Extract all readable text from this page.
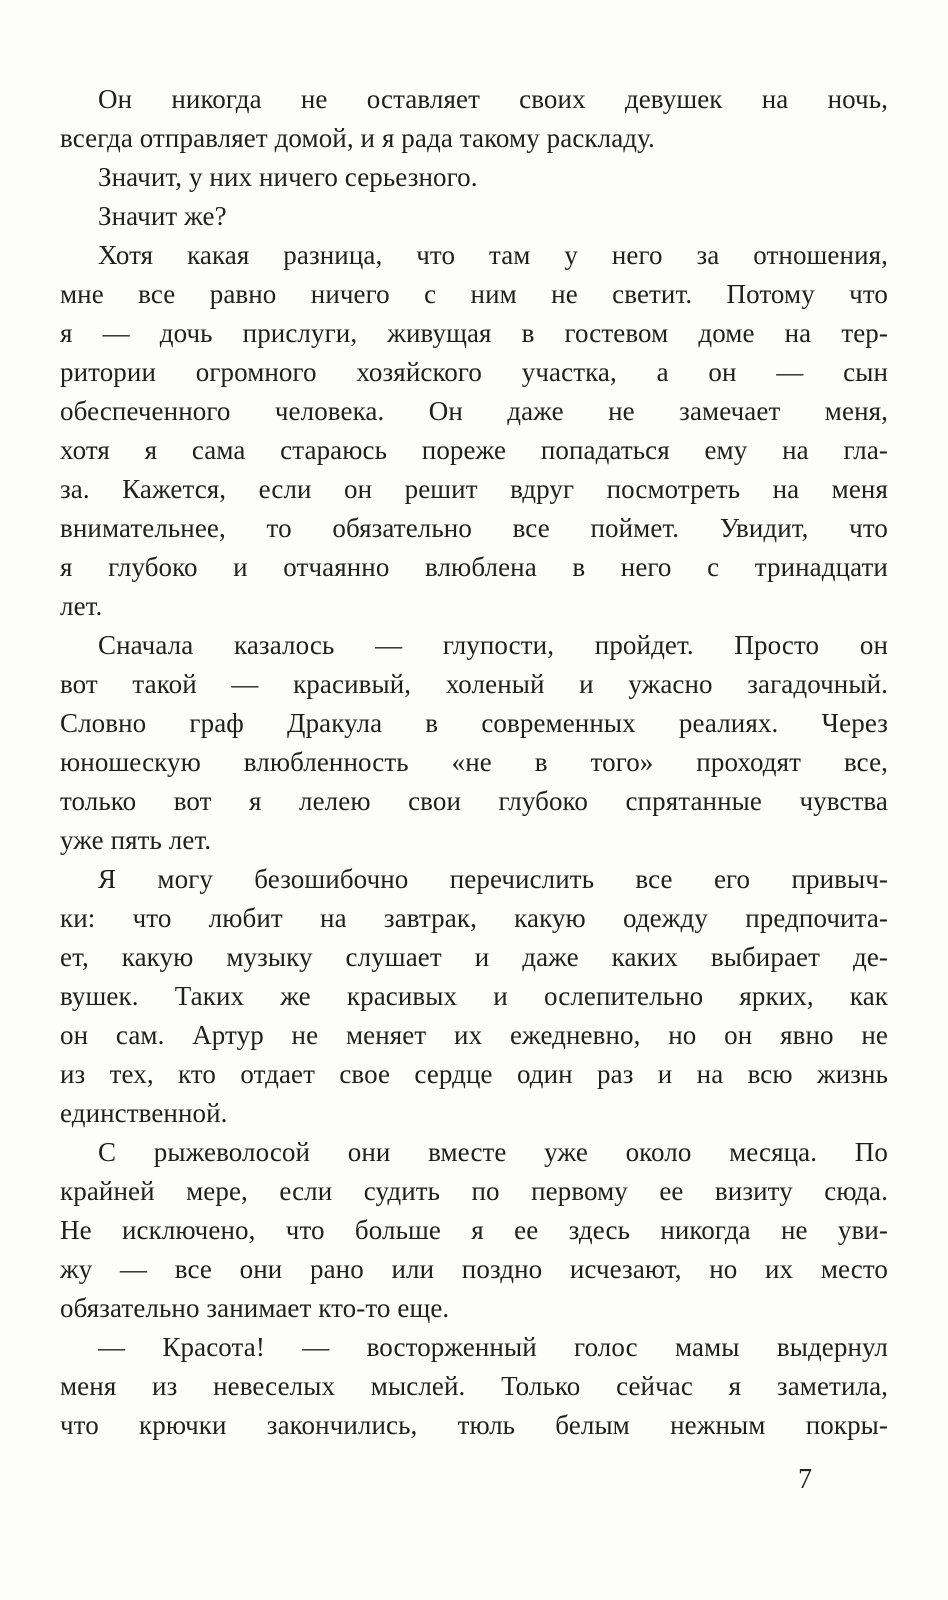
Он никогда не оставляет своих девушек на ночь,
всегда отправляет домой, и я рада такому раскладу.
Значит, у них ничего серьезного.
Значит же?
Хотя какая разница, что там у него за отношения,
мне все равно ничего с ним не светит. Потому что
я — дочь прислуги, живущая в гостевом доме на тер-
ритории огромного хозяйского участка, а он — сын
обеспеченного человека. Он даже не замечает меня,
хотя я сама стараюсь пореже попадаться ему на гла-
за. Кажется, если он решит вдруг посмотреть на меня
внимательнее, то обязательно все поймет. Увидит, что
я глубоко и отчаянно влюблена в него с тринадцати
лет.
Сначала казалось — глупости, пройдет. Просто он
вот такой — красивый, холеный и ужасно загадочный.
Словно граф Дракула в современных реалиях. Через
юношескую влюбленность «не в того» проходят все,
только вот я лелею свои глубоко спрятанные чувства
уже пять лет.
Я могу безошибочно перечислить все его привыч-
ки: что любит на завтрак, какую одежду предпочита-
ет, какую музыку слушает и даже каких выбирает де-
вушек. Таких же красивых и ослепительно ярких, как
он сам. Артур не меняет их ежедневно, но он явно не
из тех, кто отдает свое сердце один раз и на всю жизнь
единственной.
С рыжеволосой они вместе уже около месяца. По
крайней мере, если судить по первому ее визиту сюда.
Не исключено, что больше я ее здесь никогда не уви-
жу — все они рано или поздно исчезают, но их место
обязательно занимает кто-то еще.
— Красота! — восторженный голос мамы выдернул
меня из невеселых мыслей. Только сейчас я заметила,
что крючки закончились, тюль белым нежным покры-
7
